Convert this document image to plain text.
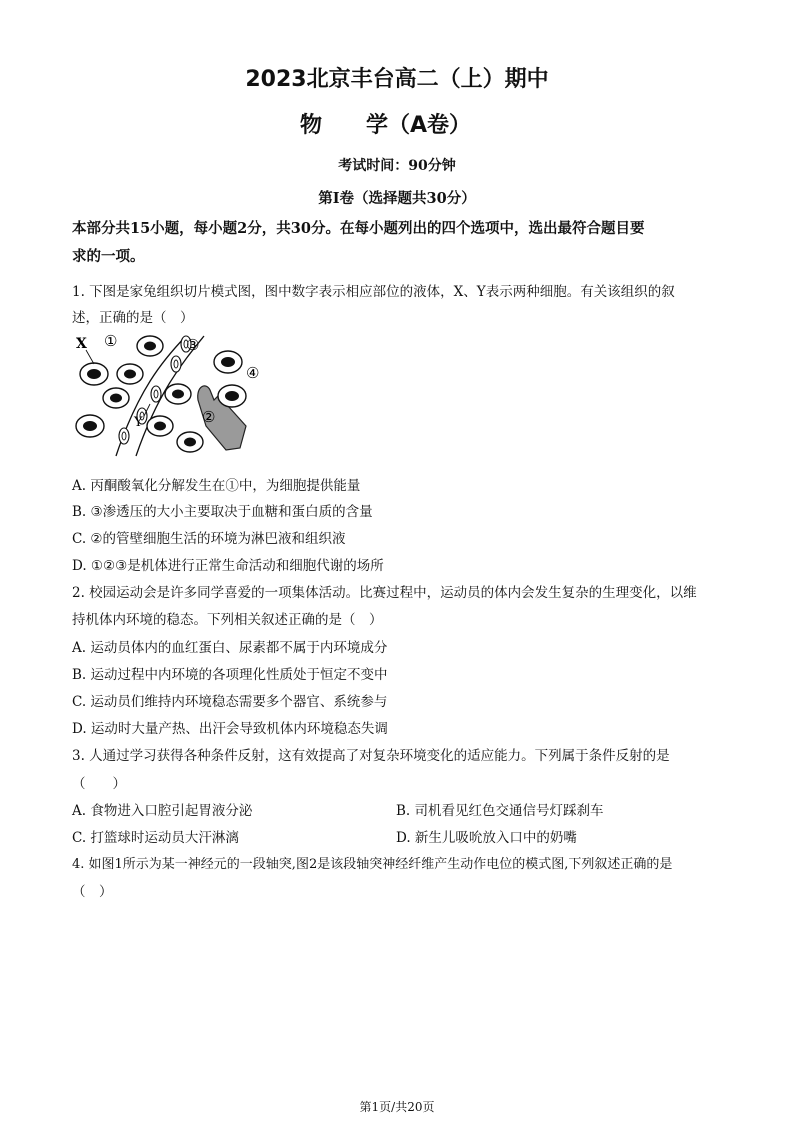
2023北京丰台高二（上）期中
物　　学（A卷）
考试时间：90分钟
第Ⅰ卷（选择题共30分）
本部分共15小题，每小题2分，共30分。在每小题列出的四个选项中，选出最符合题目要
求的一项。
1. 下图是家兔组织切片模式图，图中数字表示相应部位的液体，X、Y表示两种细胞。有关该组织的叙
述，正确的是（　）
X
Y
①
②
③
④
A. 丙酮酸氧化分解发生在①中，为细胞提供能量
B. ③渗透压的大小主要取决于血糖和蛋白质的含量
C. ②的管壁细胞生活的环境为淋巴液和组织液
D. ①②③是机体进行正常生命活动和细胞代谢的场所
2. 校园运动会是许多同学喜爱的一项集体活动。比赛过程中，运动员的体内会发生复杂的生理变化，以维
持机体内环境的稳态。下列相关叙述正确的是（　）
A. 运动员体内的血红蛋白、尿素都不属于内环境成分
B. 运动过程中内环境的各项理化性质处于恒定不变中
C. 运动员们维持内环境稳态需要多个器官、系统参与
D. 运动时大量产热、出汗会导致机体内环境稳态失调
3. 人通过学习获得各种条件反射，这有效提高了对复杂环境变化的适应能力。下列属于条件反射的是
（　　）
A. 食物进入口腔引起胃液分泌	B. 司机看见红色交通信号灯踩刹车
C. 打篮球时运动员大汗淋漓	D. 新生儿吸吮放入口中的奶嘴
4. 如图1所示为某一神经元的一段轴突,图2是该段轴突神经纤维产生动作电位的模式图,下列叙述正确的是
（　）
第1页/共20页
